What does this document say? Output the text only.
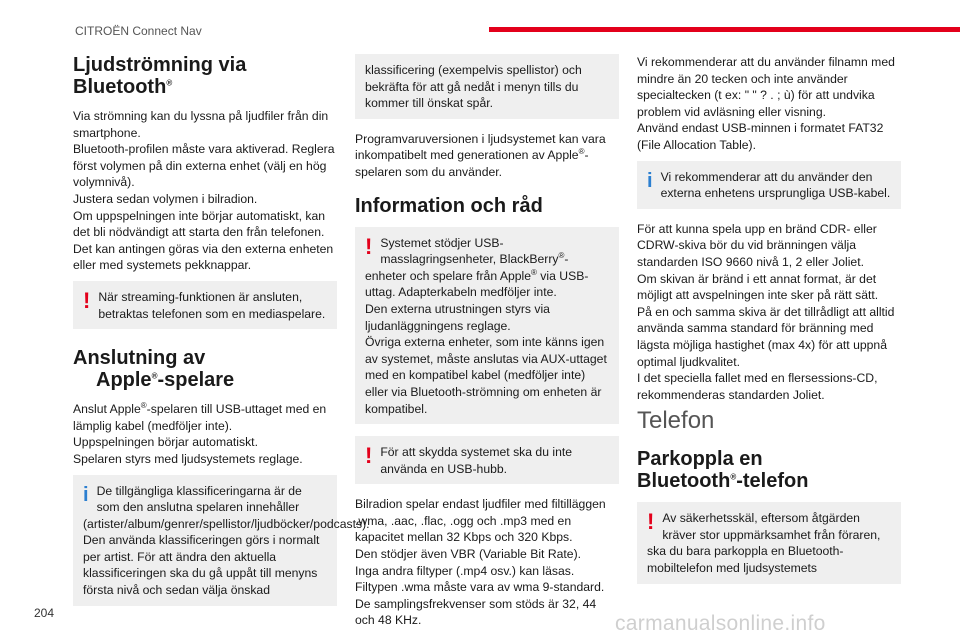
CITROËN Connect Nav
Ljudströmning via
Bluetooth®

Via strömning kan du lyssna på ljudfiler från din smartphone.

Bluetooth-profilen måste vara aktiverad. Reglera först volymen på din externa enhet (välj en hög volymnivå).

Justera sedan volymen i bilradion.

Om uppspelningen inte börjar automatiskt, kan det bli nödvändigt att starta den från telefonen.

Det kan antingen göras via den externa enheten eller med systemets pekknappar.

! När streaming-funktionen är ansluten, betraktas telefonen som en mediaspelare.

Anslutning av
Apple®-spelare

Anslut Apple®-spelaren till USB-uttaget med en lämplig kabel (medföljer inte).

Uppspelningen börjar automatiskt.

Spelaren styrs med ljudsystemets reglage.

i De tillgängliga klassificeringarna är de som den anslutna spelaren innehåller (artister/album/genrer/spellistor/ljudböcker/podcasts).

Den använda klassificeringen görs i normalt per artist. För att ändra den aktuella klassificeringen ska du gå uppåt till menyns första nivå och sedan välja önskad

klassificering (exempelvis spellistor) och bekräfta för att gå nedåt i menyn tills du kommer till önskat spår.

Programvaruversionen i ljudsystemet kan vara inkompatibelt med generationen av Apple®-spelaren som du använder.

Information och råd
! Systemet stödjer USB-masslagringsenheter, BlackBerry®-enheter och spelare från Apple® via USB-uttag. Adapterkabeln medföljer inte.

Den externa utrustningen styrs via ljudanläggningens reglage.

Övriga externa enheter, som inte känns igen av systemet, måste anslutas via AUX-uttaget med en kompatibel kabel (medföljer inte) eller via Bluetooth-strömning om enheten är kompatibel.

! För att skydda systemet ska du inte använda en USB-hubb.

Bilradion spelar endast ljudfiler med filtilläggen .wma, .aac, .flac, .ogg och .mp3 med en kapacitet mellan 32 Kbps och 320 Kbps.

Den stödjer även VBR (Variable Bit Rate).

Inga andra filtyper (.mp4 osv.) kan läsas.

Filtypen .wma måste vara av wma 9-standard.

De samplingsfrekvenser som stöds är 32, 44 och 48 KHz.

Vi rekommenderar att du använder filnamn med mindre än 20 tecken och inte använder specialtecken (t ex: " " ? . ; ù) för att undvika problem vid avläsning eller visning.

Använd endast USB-minnen i formatet FAT32 (File Allocation Table).

i Vi rekommenderar att du använder den externa enhetens ursprungliga USB-kabel.

För att kunna spela upp en bränd CDR- eller CDRW-skiva bör du vid bränningen välja standarden ISO 9660 nivå 1, 2 eller Joliet.

Om skivan är bränd i ett annat format, är det möjligt att avspelningen inte sker på rätt sätt.

På en och samma skiva är det tillrådligt att alltid använda samma standard för bränning med lägsta möjliga hastighet (max 4x) för att uppnå optimal ljudkvalitet.

I det speciella fallet med en flersessions-CD, rekommenderas standarden Joliet.

Telefon
Parkoppla en
Bluetooth®-telefon
! Av säkerhetsskäl, eftersom åtgärden kräver stor uppmärksamhet från föraren, ska du bara parkoppla en Bluetooth-mobiltelefon med ljudsystemets

204	carmanualsonline.info
